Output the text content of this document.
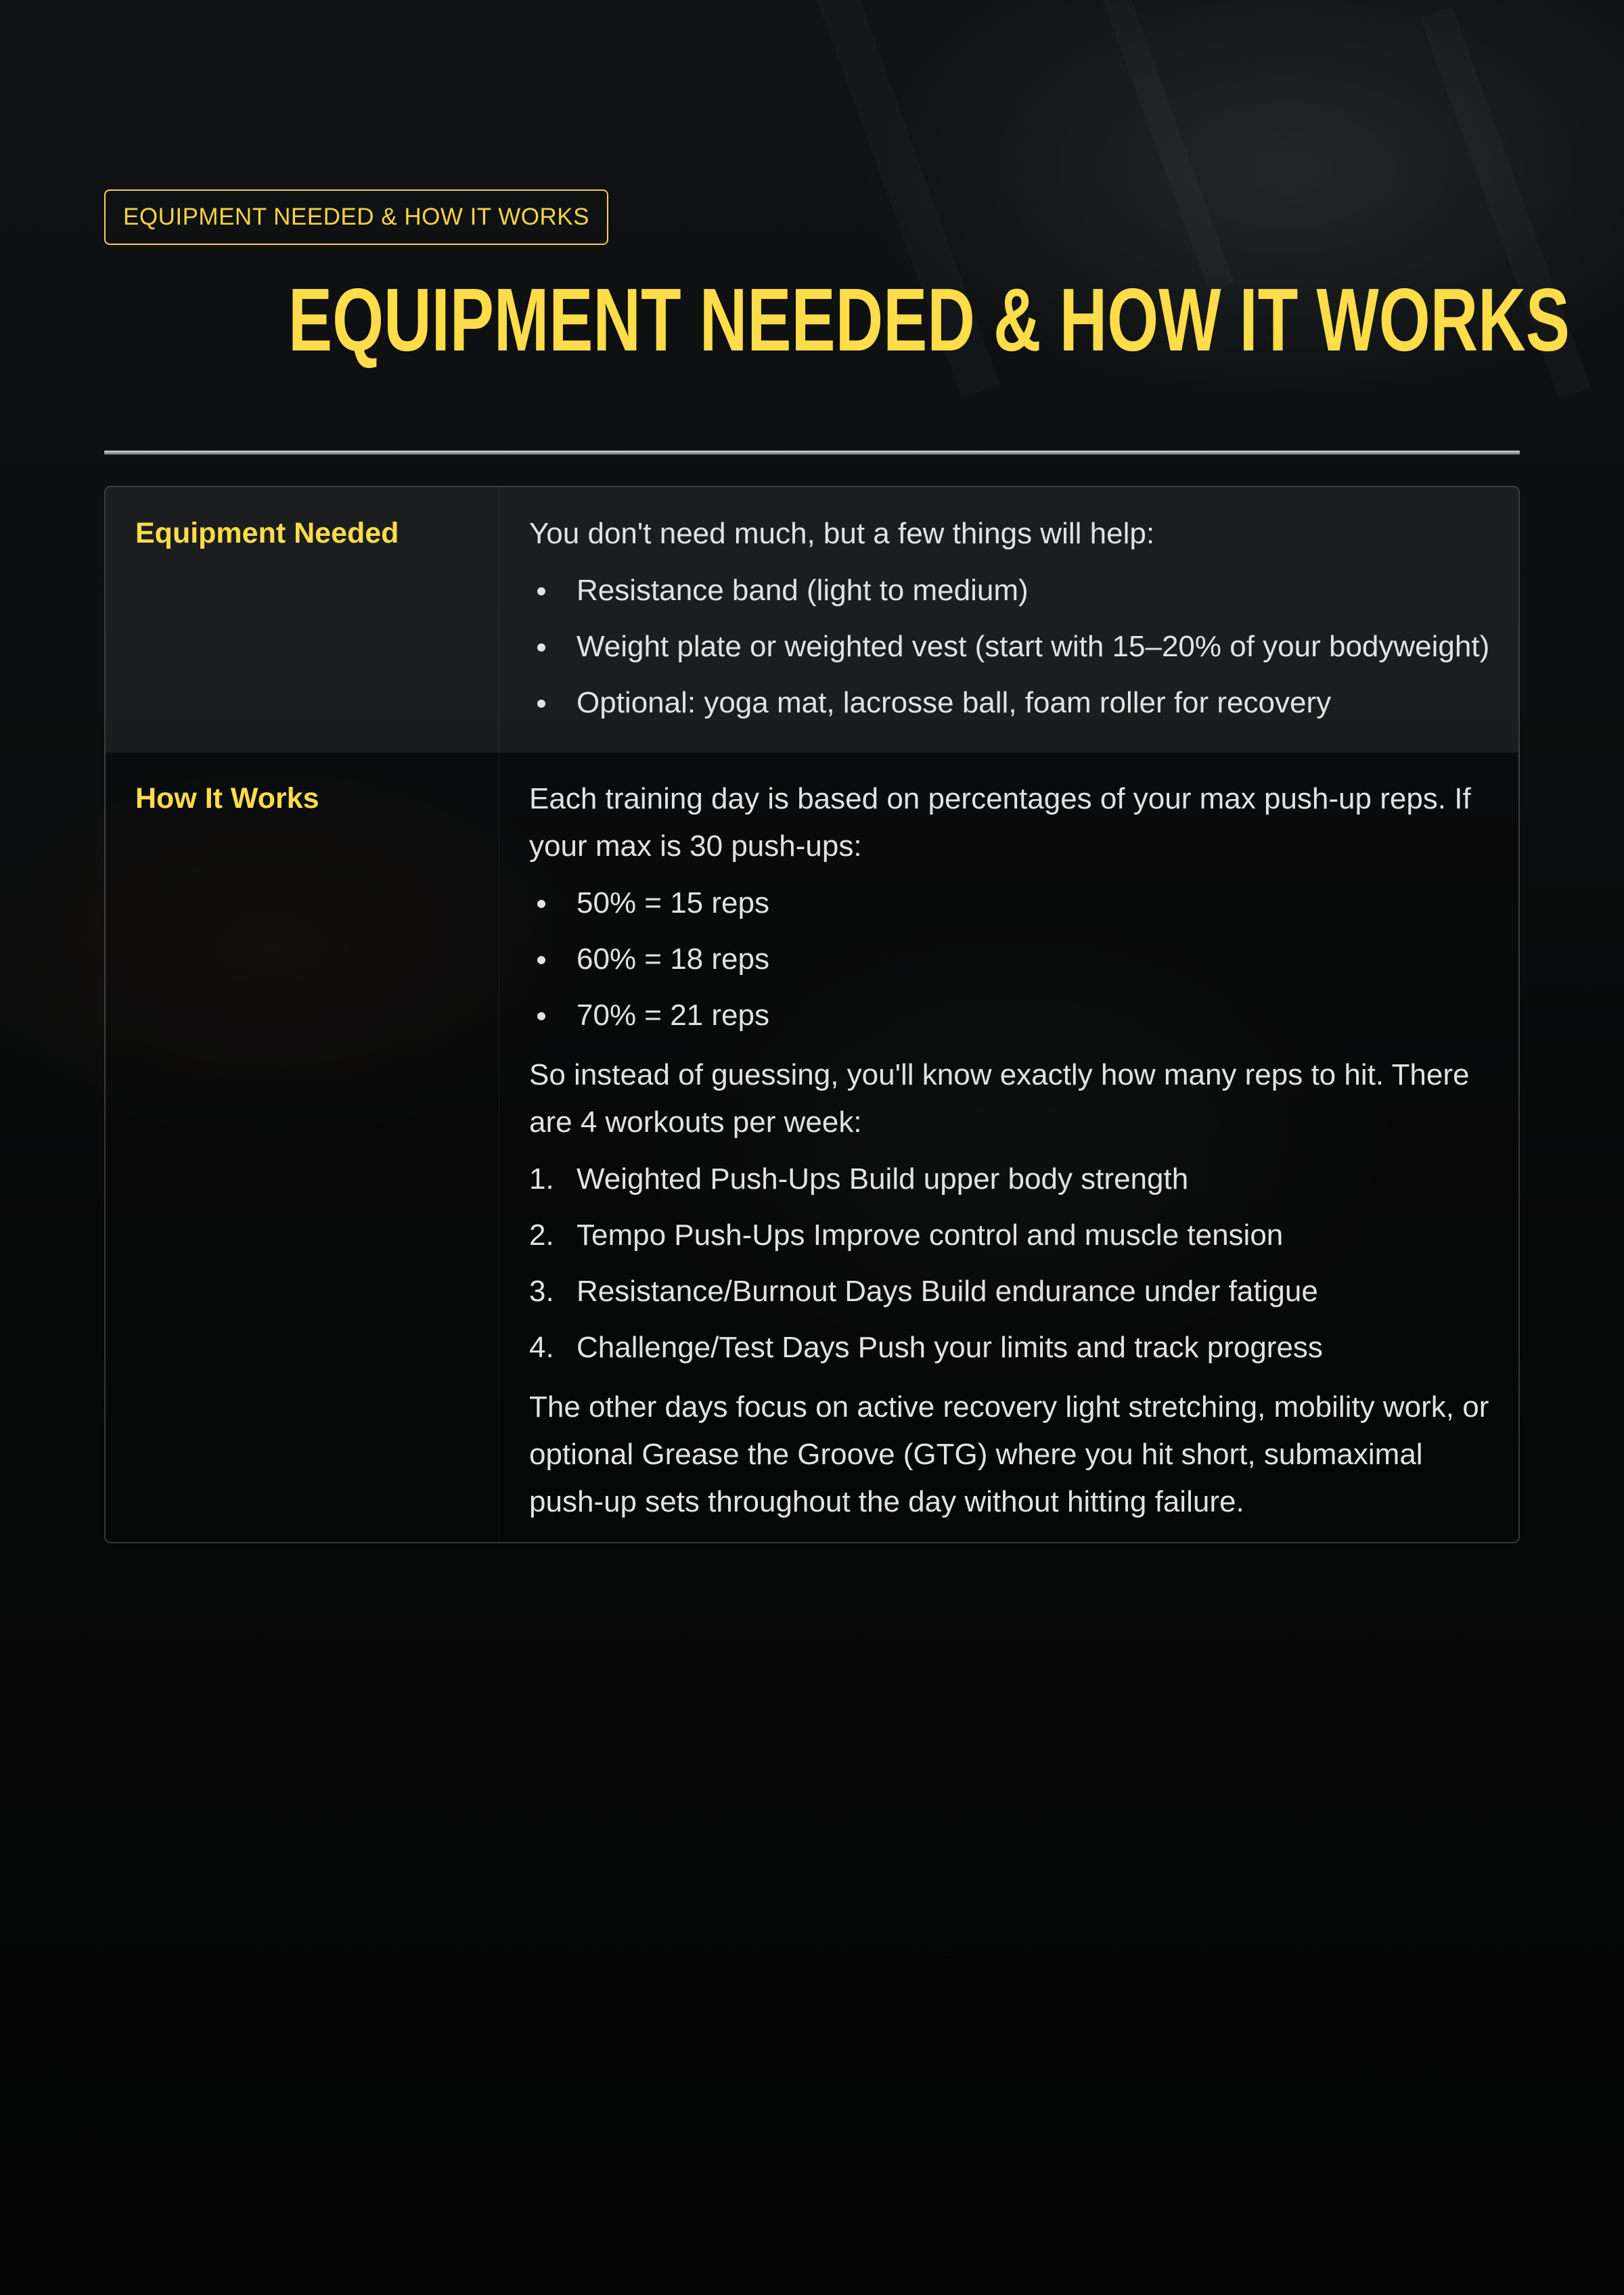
EQUIPMENT NEEDED & HOW IT WORKS
EQUIPMENT NEEDED & HOW IT WORKS
Equipment Needed	You don't need much, but a few things will help:

Resistance band (light to medium)
Weight plate or weighted vest (start with 15–20% of your bodyweight)
Optional: yoga mat, lacrosse ball, foam roller for recovery
How It Works	Each training day is based on percentages of your max push-up reps. If your max is 30 push-ups:

50% = 15 reps
60% = 18 reps
70% = 21 reps

So instead of guessing, you'll know exactly how many reps to hit. There are 4 workouts per week:

1. Weighted Push-Ups Build upper body strength
2. Tempo Push-Ups Improve control and muscle tension
3. Resistance/Burnout Days Build endurance under fatigue
4. Challenge/Test Days Push your limits and track progress

The other days focus on active recovery light stretching, mobility work, or optional Grease the Groove (GTG) where you hit short, submaximal push-up sets throughout the day without hitting failure.
